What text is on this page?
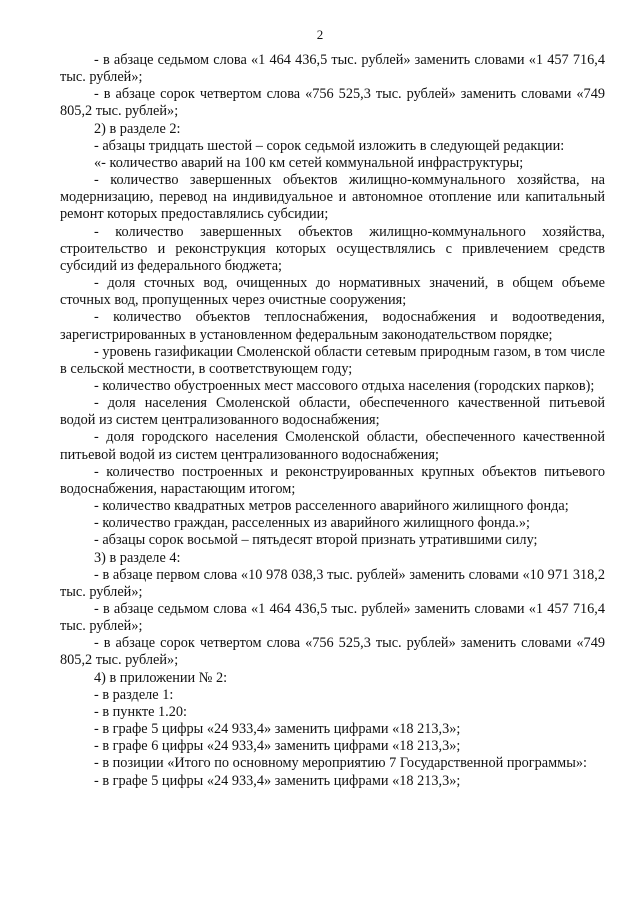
2

- в абзаце седьмом слова «1 464 436,5 тыс. рублей» заменить словами «1 457 716,4 тыс. рублей»;

- в абзаце сорок четвертом слова «756 525,3 тыс. рублей» заменить словами «749 805,2 тыс. рублей»;

2) в разделе 2:

- абзацы тридцать шестой – сорок седьмой изложить в следующей редакции:

«- количество аварий на 100 км сетей коммунальной инфраструктуры;

- количество завершенных объектов жилищно-коммунального хозяйства, на модернизацию, перевод на индивидуальное и автономное отопление или капитальный ремонт которых предоставлялись субсидии;

- количество завершенных объектов жилищно-коммунального хозяйства, строительство и реконструкция которых осуществлялись с привлечением средств субсидий из федерального бюджета;

- доля сточных вод, очищенных до нормативных значений, в общем объеме сточных вод, пропущенных через очистные сооружения;

- количество объектов теплоснабжения, водоснабжения и водоотведения, зарегистрированных в установленном федеральным законодательством порядке;

- уровень газификации Смоленской области сетевым природным газом, в том числе в сельской местности, в соответствующем году;

- количество обустроенных мест массового отдыха населения (городских парков);

- доля населения Смоленской области, обеспеченного качественной питьевой водой из систем централизованного водоснабжения;

- доля городского населения Смоленской области, обеспеченного качественной питьевой водой из систем централизованного водоснабжения;

- количество построенных и реконструированных крупных объектов питьевого водоснабжения, нарастающим итогом;

- количество квадратных метров расселенного аварийного жилищного фонда;

- количество граждан, расселенных из аварийного жилищного фонда.»;

- абзацы сорок восьмой – пятьдесят второй признать утратившими силу;

3) в разделе 4:

- в абзаце первом слова «10 978 038,3 тыс. рублей» заменить словами «10 971 318,2 тыс. рублей»;

- в абзаце седьмом слова «1 464 436,5 тыс. рублей» заменить словами «1 457 716,4 тыс. рублей»;

- в абзаце сорок четвертом слова «756 525,3 тыс. рублей» заменить словами «749 805,2 тыс. рублей»;

4) в приложении № 2:

- в разделе 1:

- в пункте 1.20:

- в графе 5 цифры «24 933,4» заменить цифрами «18 213,3»;

- в графе 6 цифры «24 933,4» заменить цифрами «18 213,3»;

- в позиции «Итого по основному мероприятию 7 Государственной программы»:

- в графе 5 цифры «24 933,4» заменить цифрами «18 213,3»;
